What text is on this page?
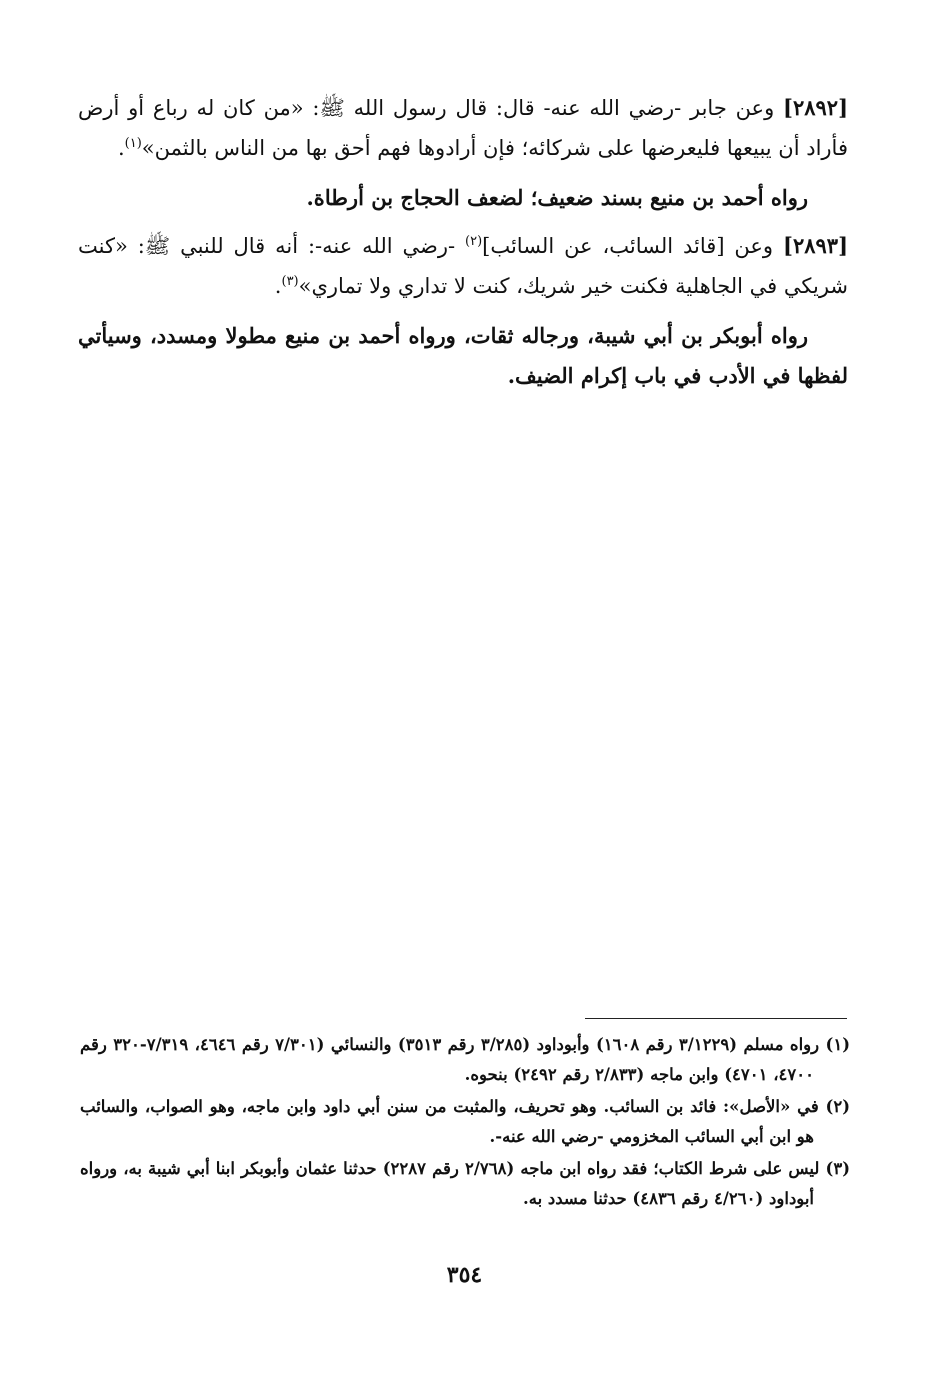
[٢٨٩٢] وعن جابر -رضي الله عنه- قال: قال رسول الله ﷺ: «من كان له رباع أو أرض فأراد أن يبيعها فليعرضها على شركائه؛ فإن أرادوها فهم أحق بها من الناس بالثمن»$^{(١)}$.

رواه أحمد بن منيع بسند ضعيف؛ لضعف الحجاج بن أرطاة.

[٢٨٩٣] وعن [قائد السائب، عن السائب]$^{(٢)}$ -رضي الله عنه-: أنه قال للنبي ﷺ: «كنت شريكي في الجاهلية فكنت خير شريك، كنت لا تداري ولا تماري»$^{(٣)}$.

رواه أبوبكر بن أبي شيبة، ورجاله ثقات، ورواه أحمد بن منيع مطولا ومسدد، وسيأتي لفظها في الأدب في باب إكرام الضيف.

(١) رواه مسلم (٣/١٢٢٩ رقم ١٦٠٨) وأبوداود (٣/٢٨٥ رقم ٣٥١٣) والنسائي (٧/٣٠١ رقم ٤٦٤٦، ٧/٣١٩-٣٢٠ رقم ٤٧٠٠، ٤٧٠١) وابن ماجه (٢/٨٣٣ رقم ٢٤٩٢) بنحوه.

(٢) في «الأصل»: فائد بن السائب. وهو تحريف، والمثبت من سنن أبي داود وابن ماجه، وهو الصواب، والسائب هو ابن أبي السائب المخزومي -رضي الله عنه-.

(٣) ليس على شرط الكتاب؛ فقد رواه ابن ماجه (٢/٧٦٨ رقم ٢٢٨٧) حدثنا عثمان وأبوبكر ابنا أبي شيبة به، ورواه أبوداود (٤/٢٦٠ رقم ٤٨٣٦) حدثنا مسدد به.

٣٥٤
